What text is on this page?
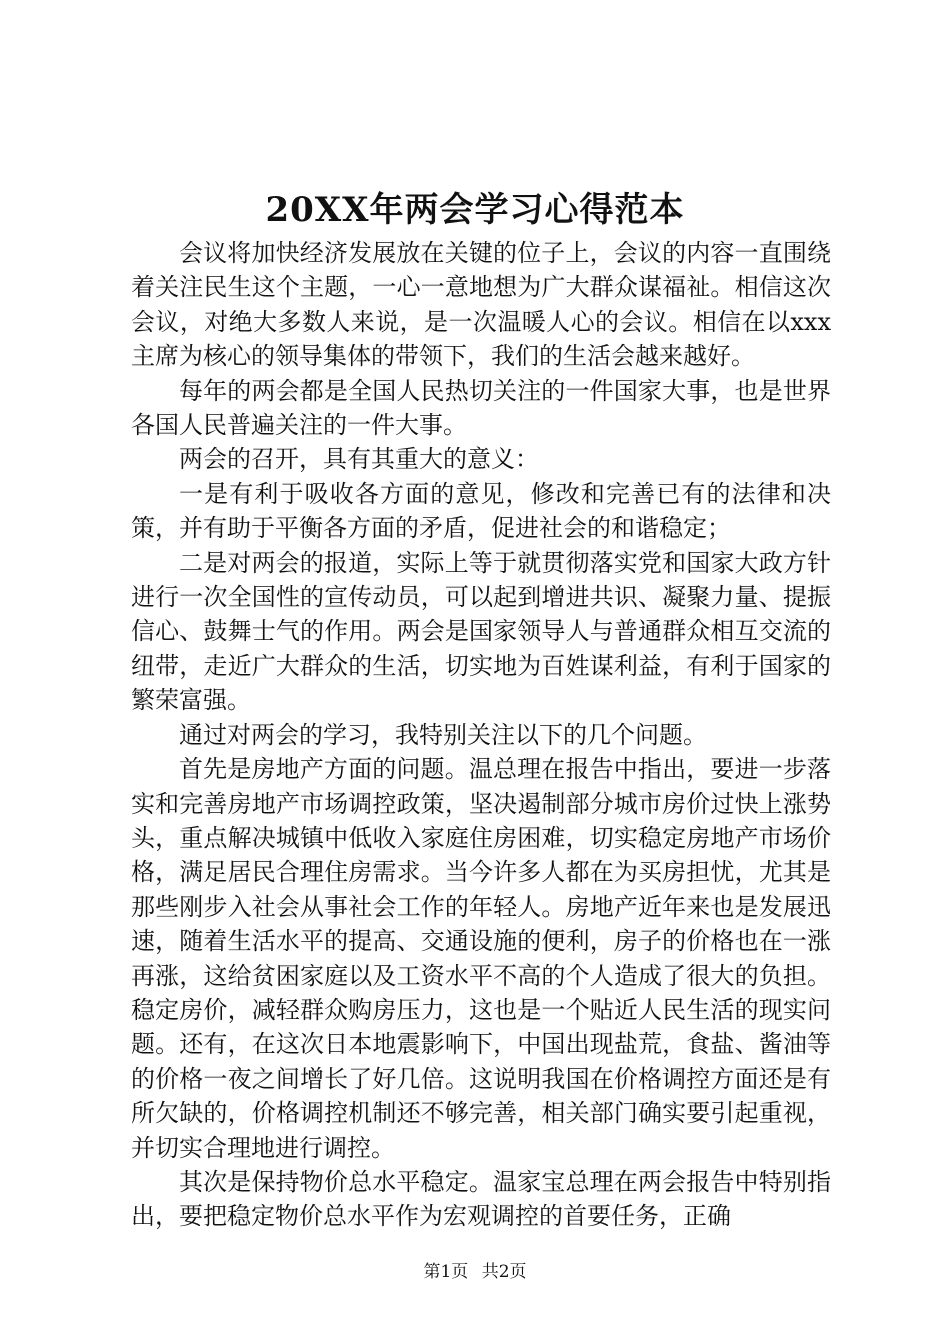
20XX年两会学习心得范本

会议将加快经济发展放在关键的位子上，会议的内容一直围绕着关注民生这个主题，一心一意地想为广大群众谋福祉。相信这次会议，对绝大多数人来说，是一次温暖人心的会议。相信在以xxx主席为核心的领导集体的带领下，我们的生活会越来越好。

每年的两会都是全国人民热切关注的一件国家大事，也是世界各国人民普遍关注的一件大事。

两会的召开，具有其重大的意义：

一是有利于吸收各方面的意见，修改和完善已有的法律和决策，并有助于平衡各方面的矛盾，促进社会的和谐稳定；

二是对两会的报道，实际上等于就贯彻落实党和国家大政方针进行一次全国性的宣传动员，可以起到增进共识、凝聚力量、提振信心、鼓舞士气的作用。两会是国家领导人与普通群众相互交流的纽带，走近广大群众的生活，切实地为百姓谋利益，有利于国家的繁荣富强。

通过对两会的学习，我特别关注以下的几个问题。

首先是房地产方面的问题。温总理在报告中指出，要进一步落实和完善房地产市场调控政策，坚决遏制部分城市房价过快上涨势头，重点解决城镇中低收入家庭住房困难，切实稳定房地产市场价格，满足居民合理住房需求。当今许多人都在为买房担忧，尤其是那些刚步入社会从事社会工作的年轻人。房地产近年来也是发展迅速，随着生活水平的提高、交通设施的便利，房子的价格也在一涨再涨，这给贫困家庭以及工资水平不高的个人造成了很大的负担。稳定房价，减轻群众购房压力，这也是一个贴近人民生活的现实问题。还有，在这次日本地震影响下，中国出现盐荒，食盐、酱油等的价格一夜之间增长了好几倍。这说明我国在价格调控方面还是有所欠缺的，价格调控机制还不够完善，相关部门确实要引起重视，并切实合理地进行调控。

其次是保持物价总水平稳定。温家宝总理在两会报告中特别指出，要把稳定物价总水平作为宏观调控的首要任务，正确

第1页 共2页
